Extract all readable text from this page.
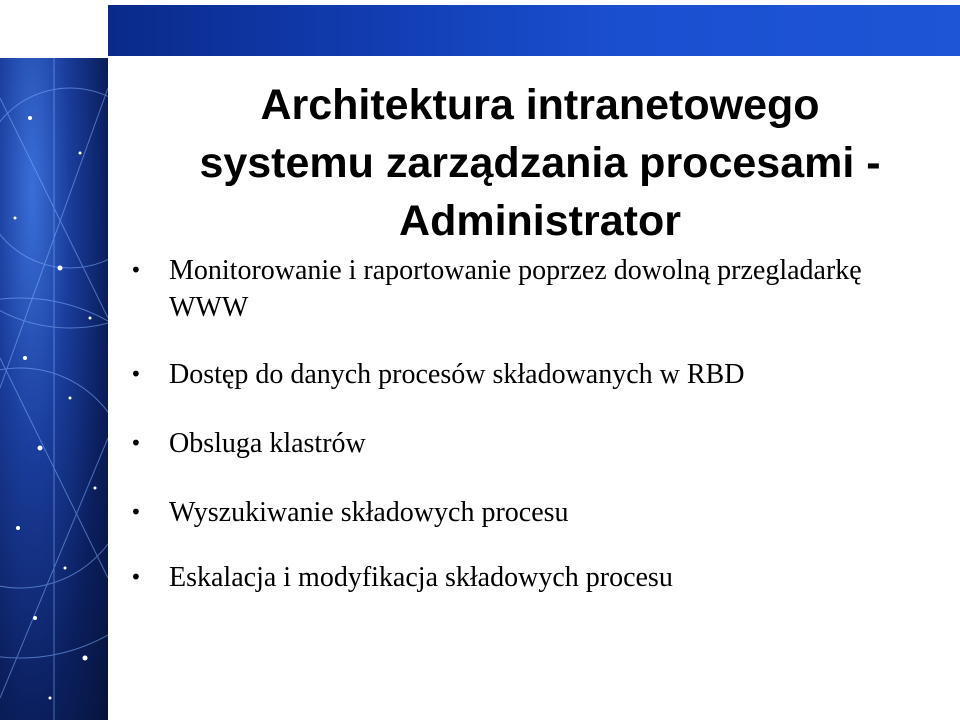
Architektura intranetowego
systemu zarządzania procesami -
Administrator
• Monitorowanie i raportowanie poprzez dowolną przegladarkę WWW
• Dostęp do danych procesów składowanych w RBD
• Obsluga klastrów
• Wyszukiwanie składowych procesu
• Eskalacja i modyfikacja składowych procesu
